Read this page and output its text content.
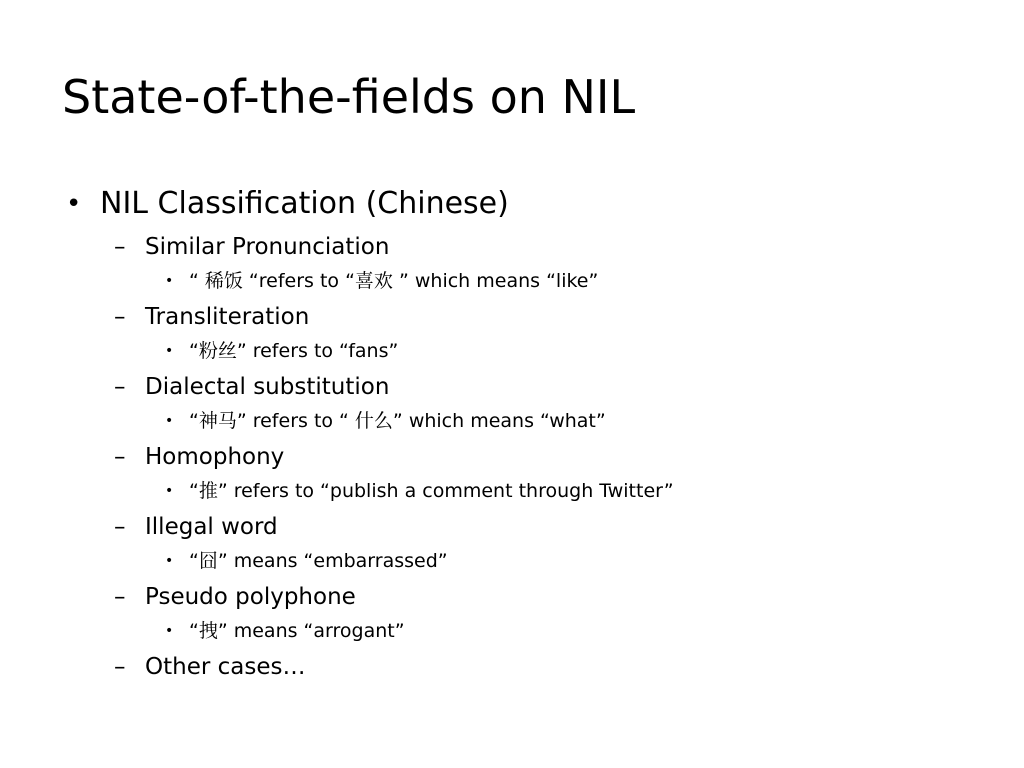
State-of-the-fields on NIL
• NIL Classification (Chinese)
– Similar Pronunciation
• “ 稀饭 “refers to “喜欢 ” which means “like”
– Transliteration
• “粉丝” refers to “fans”
– Dialectal substitution
• “神马” refers to “ 什么” which means “what”
– Homophony
• “推” refers to “publish a comment through Twitter”
– Illegal word
• “囧” means “embarrassed”
– Pseudo polyphone
• “拽” means “arrogant”
– Other cases…
